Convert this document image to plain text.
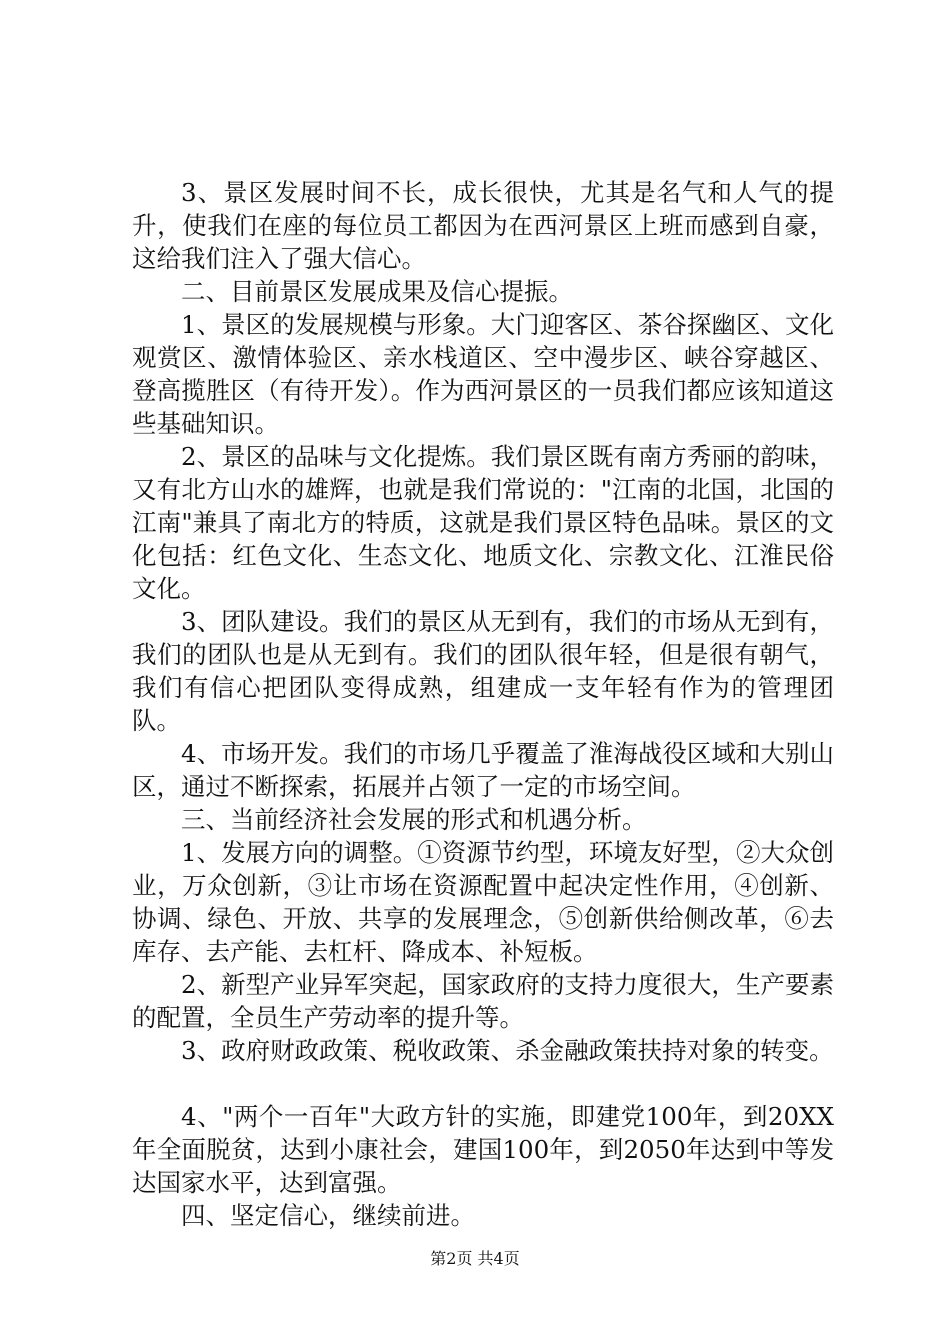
3、景区发展时间不长，成长很快，尤其是名气和人气的提升，使我们在座的每位员工都因为在西河景区上班而感到自豪，这给我们注入了强大信心。

二、目前景区发展成果及信心提振。

1、景区的发展规模与形象。大门迎客区、茶谷探幽区、文化观赏区、激情体验区、亲水栈道区、空中漫步区、峡谷穿越区、登高揽胜区（有待开发）。作为西河景区的一员我们都应该知道这些基础知识。

2、景区的品味与文化提炼。我们景区既有南方秀丽的韵味，又有北方山水的雄辉，也就是我们常说的："江南的北国，北国的江南"兼具了南北方的特质，这就是我们景区特色品味。景区的文化包括：红色文化、生态文化、地质文化、宗教文化、江淮民俗文化。

3、团队建设。我们的景区从无到有，我们的市场从无到有，我们的团队也是从无到有。我们的团队很年轻，但是很有朝气，我们有信心把团队变得成熟，组建成一支年轻有作为的管理团队。

4、市场开发。我们的市场几乎覆盖了淮海战役区域和大别山区，通过不断探索，拓展并占领了一定的市场空间。

三、当前经济社会发展的形式和机遇分析。

1、发展方向的调整。①资源节约型，环境友好型，②大众创业，万众创新，③让市场在资源配置中起决定性作用，④创新、协调、绿色、开放、共享的发展理念，⑤创新供给侧改革，⑥去库存、去产能、去杠杆、降成本、补短板。

2、新型产业异军突起，国家政府的支持力度很大，生产要素的配置，全员生产劳动率的提升等。

3、政府财政政策、税收政策、杀金融政策扶持对象的转变。

4、"两个一百年"大政方针的实施，即建党100年，到20XX年全面脱贫，达到小康社会，建国100年，到2050年达到中等发达国家水平，达到富强。

四、坚定信心，继续前进。

第2页 共4页
